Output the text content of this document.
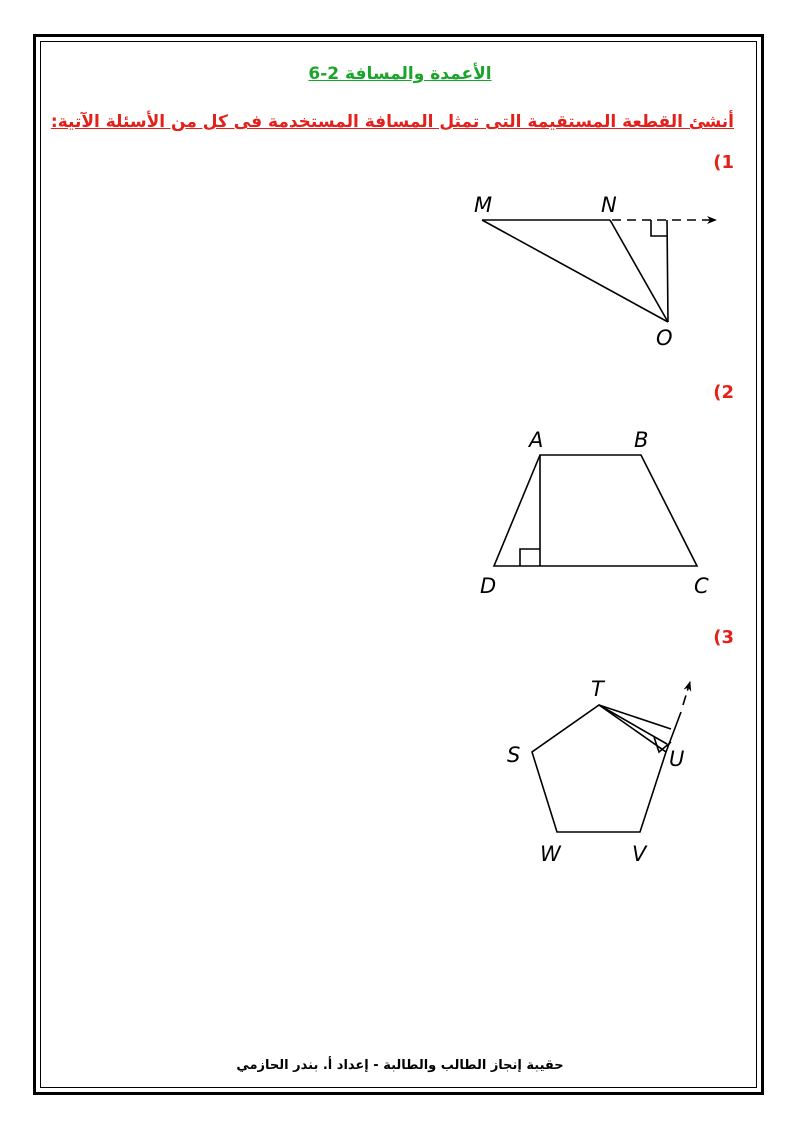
6-2 الأعمدة والمسافة
أنشئ القطعة المستقيمة التى تمثل المسافة المستخدمة فى كل من الأسئلة الآتية:
(1
(2
(3
M	N
O
A	B
C
D
T
U
V
W
S
حقيبة إنجاز الطالب والطالبة - إعداد أ. بندر الحازمي
